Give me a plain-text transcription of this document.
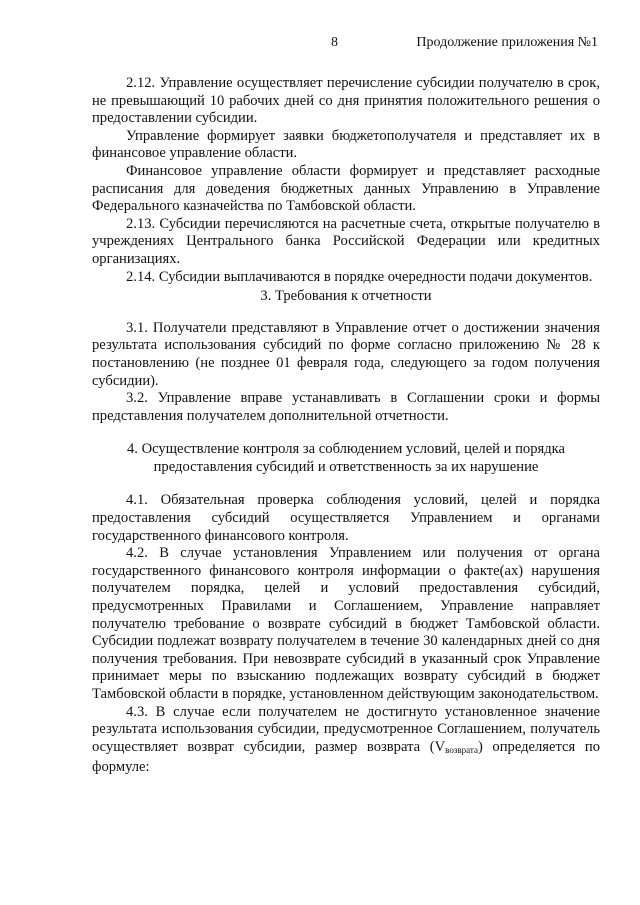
8	Продолжение приложения №1

2.12. Управление осуществляет перечисление субсидии получателю в срок, не превышающий 10 рабочих дней со дня принятия положительного решения о предоставлении субсидии.

Управление формирует заявки бюджетополучателя и представляет их в финансовое управление области.

Финансовое управление области формирует и представляет расходные расписания для доведения бюджетных данных Управлению в Управление Федерального казначейства по Тамбовской области.

2.13. Субсидии перечисляются на расчетные счета, открытые получателю в учреждениях Центрального банка Российской Федерации или кредитных организациях.

2.14. Субсидии выплачиваются в порядке очередности подачи документов.

3. Требования к отчетности

3.1. Получатели представляют в Управление отчет о достижении значения результата использования субсидий по форме согласно приложению № 28 к постановлению (не позднее 01 февраля года, следующего за годом получения субсидии).

3.2. Управление вправе устанавливать в Соглашении сроки и формы представления получателем дополнительной отчетности.

4. Осуществление контроля за соблюдением условий, целей и порядка предоставления субсидий и ответственность за их нарушение

4.1. Обязательная проверка соблюдения условий, целей и порядка предоставления субсидий осуществляется Управлением и органами государственного финансового контроля.

4.2. В случае установления Управлением или получения от органа государственного финансового контроля информации о факте(ах) нарушения получателем порядка, целей и условий предоставления субсидий, предусмотренных Правилами и Соглашением, Управление направляет получателю требование о возврате субсидий в бюджет Тамбовской области. Субсидии подлежат возврату получателем в течение 30 календарных дней со дня получения требования. При невозврате субсидий в указанный срок Управление принимает меры по взысканию подлежащих возврату субсидий в бюджет Тамбовской области в порядке, установленном действующим законодательством.

4.3. В случае если получателем не достигнуто установленное значение результата использования субсидии, предусмотренное Соглашением, получатель осуществляет возврат субсидии, размер возврата $(V_{возврата})$ определяется по формуле:
